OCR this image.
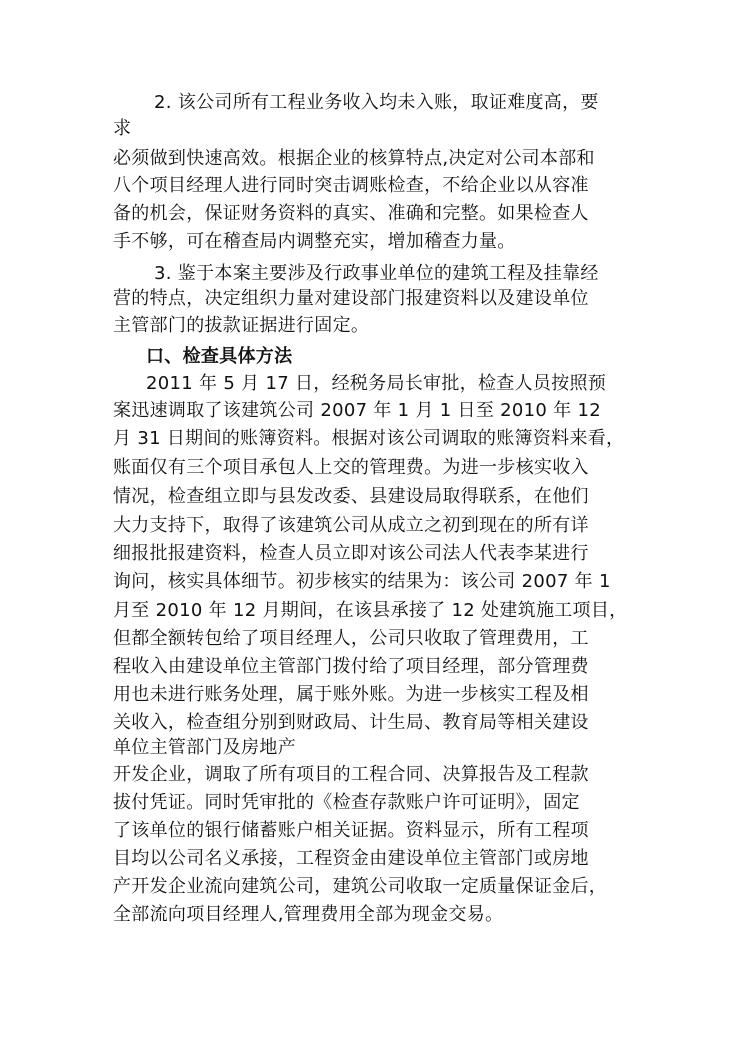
2. 该公司所有工程业务收入均未入账，取证难度高，要
求
必须做到快速高效。根据企业的核算特点,决定对公司本部和
八个项目经理人进行同时突击调账检查，不给企业以从容准
备的机会，保证财务资料的真实、准确和完整。如果检查人
手不够，可在稽查局内调整充实，增加稽查力量。
3. 鉴于本案主要涉及行政事业单位的建筑工程及挂靠经
营的特点，决定组织力量对建设部门报建资料以及建设单位
主管部门的拔款证据进行固定。
口、检查具体方法
2011 年 5 月 17 日，经税务局长审批，检查人员按照预
案迅速调取了该建筑公司 2007 年 1 月 1 日至 2010 年 12
月 31 日期间的账簿资料。根据对该公司调取的账簿资料来看，
账面仅有三个项目承包人上交的管理费。为进一步核实收入
情况，检查组立即与县发改委、县建设局取得联系，在他们
大力支持下，取得了该建筑公司从成立之初到现在的所有详
细报批报建资料，检查人员立即对该公司法人代表李某进行
询问，核实具体细节。初步核实的结果为：该公司 2007 年 1
月至 2010 年 12 月期间，在该县承接了 12 处建筑施工项目，
但都全额转包给了项目经理人，公司只收取了管理费用，工
程收入由建设单位主管部门拨付给了项目经理，部分管理费
用也未进行账务处理，属于账外账。为进一步核实工程及相
关收入，检查组分别到财政局、计生局、教育局等相关建设
单位主管部门及房地产
开发企业，调取了所有项目的工程合同、决算报告及工程款
拔付凭证。同时凭审批的《检查存款账户许可证明》，固定
了该单位的银行储蓄账户相关证据。资料显示，所有工程项
目均以公司名义承接，工程资金由建设单位主管部门或房地
产开发企业流向建筑公司，建筑公司收取一定质量保证金后，
全部流向项目经理人,管理费用全部为现金交易。
